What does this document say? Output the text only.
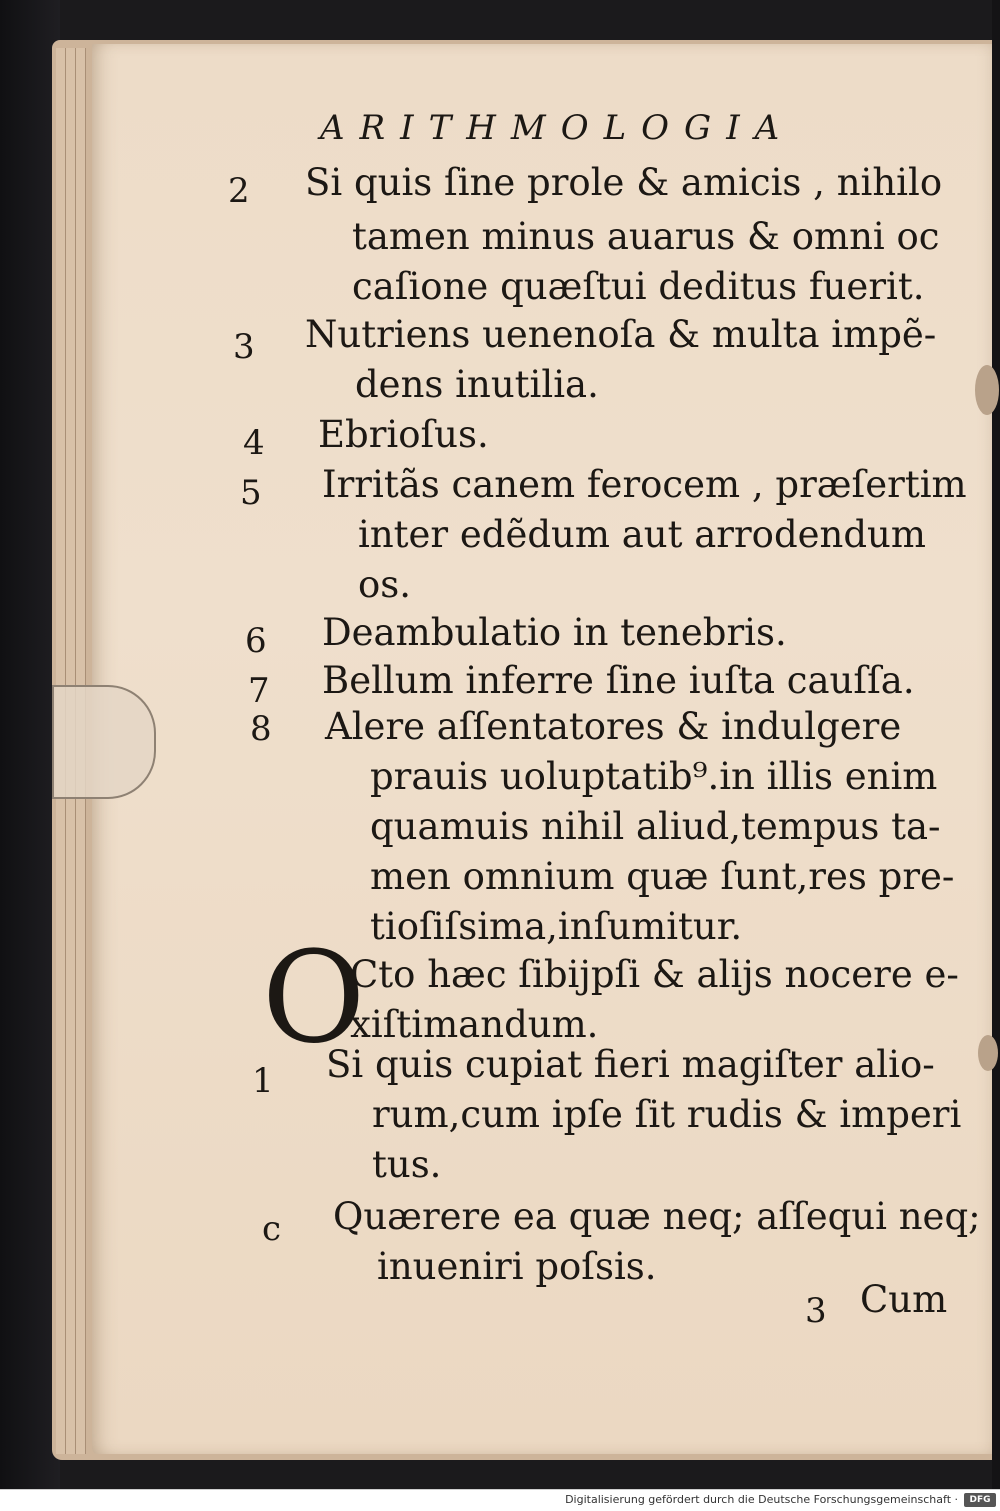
ARITHMOLOGIA
2 Si quis ſine prole & amicis , nihilo
tamen minus auarus & omni oc
caſione quæſtui deditus fuerit.
3 Nutriens uenenoſa & multa impẽ-
dens inutilia.
4 Ebrioſus.
5 Irritãs canem ferocem , præſertim
inter edẽdum aut arrodendum
os.
6 Deambulatio in tenebris.
7 Bellum inferre ſine iuſta cauſſa.
8 Alere aſſentatores & indulgere
prauis uoluptatib⁹.in illis enim
quamuis nihil aliud,tempus ta-
men omnium quæ ſunt,res pre-
tioſiſsima,inſumitur.
O
Cto hæc ſibijpſi & alijs nocere e-
xiſtimandum.
1 Si quis cupiat fieri magiſter alio-
rum,cum ipſe ſit rudis & imperi
tus.
c Quærere ea quæ neq; aſſequi neq;
inueniri poſsis.
3 Cum
Digitalisierung gefördert durch die Deutsche Forschungsgemeinschaft ·	DFG
